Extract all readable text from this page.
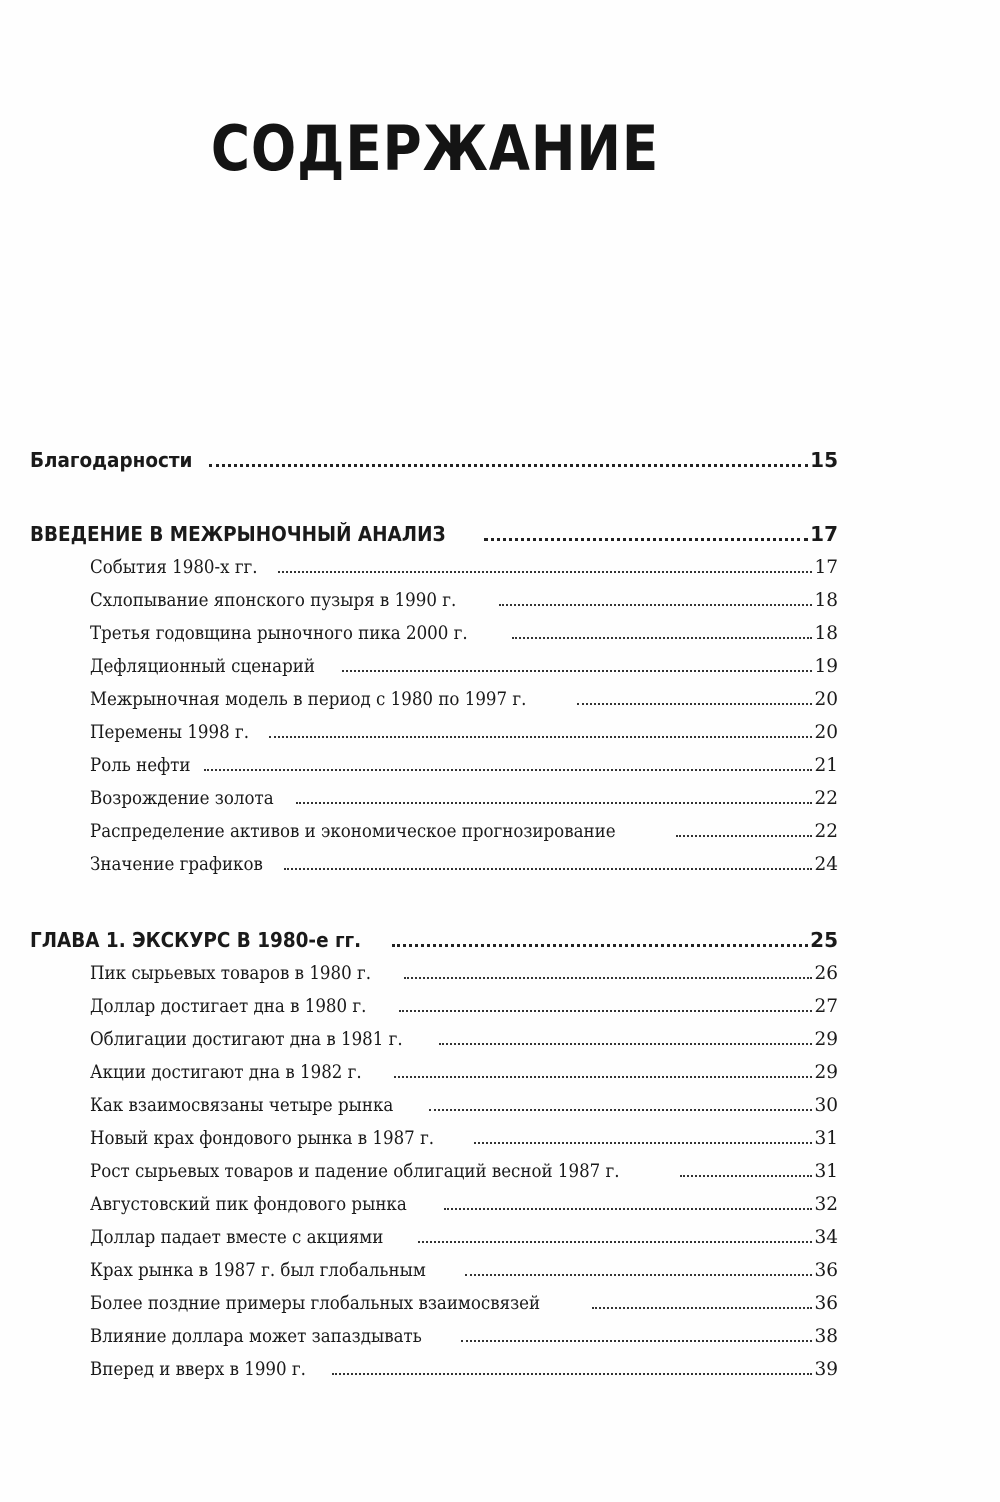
СОДЕРЖАНИЕ
Благодарности	15
ВВЕДЕНИЕ В МЕЖРЫНОЧНЫЙ АНАЛИЗ	17
События 1980-х гг.	17
Схлопывание японского пузыря в 1990 г.	18
Третья годовщина рыночного пика 2000 г.	18
Дефляционный сценарий	19
Межрыночная модель в период с 1980 по 1997 г.	20
Перемены 1998 г.	20
Роль нефти	21
Возрождение золота	22
Распределение активов и экономическое прогнозирование	22
Значение графиков	24
ГЛАВА 1. ЭКСКУРС В 1980-е гг.	25
Пик сырьевых товаров в 1980 г.	26
Доллар достигает дна в 1980 г.	27
Облигации достигают дна в 1981 г.	29
Акции достигают дна в 1982 г.	29
Как взаимосвязаны четыре рынка	30
Новый крах фондового рынка в 1987 г.	31
Рост сырьевых товаров и падение облигаций весной 1987 г.	31
Августовский пик фондового рынка	32
Доллар падает вместе с акциями	34
Крах рынка в 1987 г. был глобальным	36
Более поздние примеры глобальных взаимосвязей	36
Влияние доллара может запаздывать	38
Вперед и вверх в 1990 г.	39
